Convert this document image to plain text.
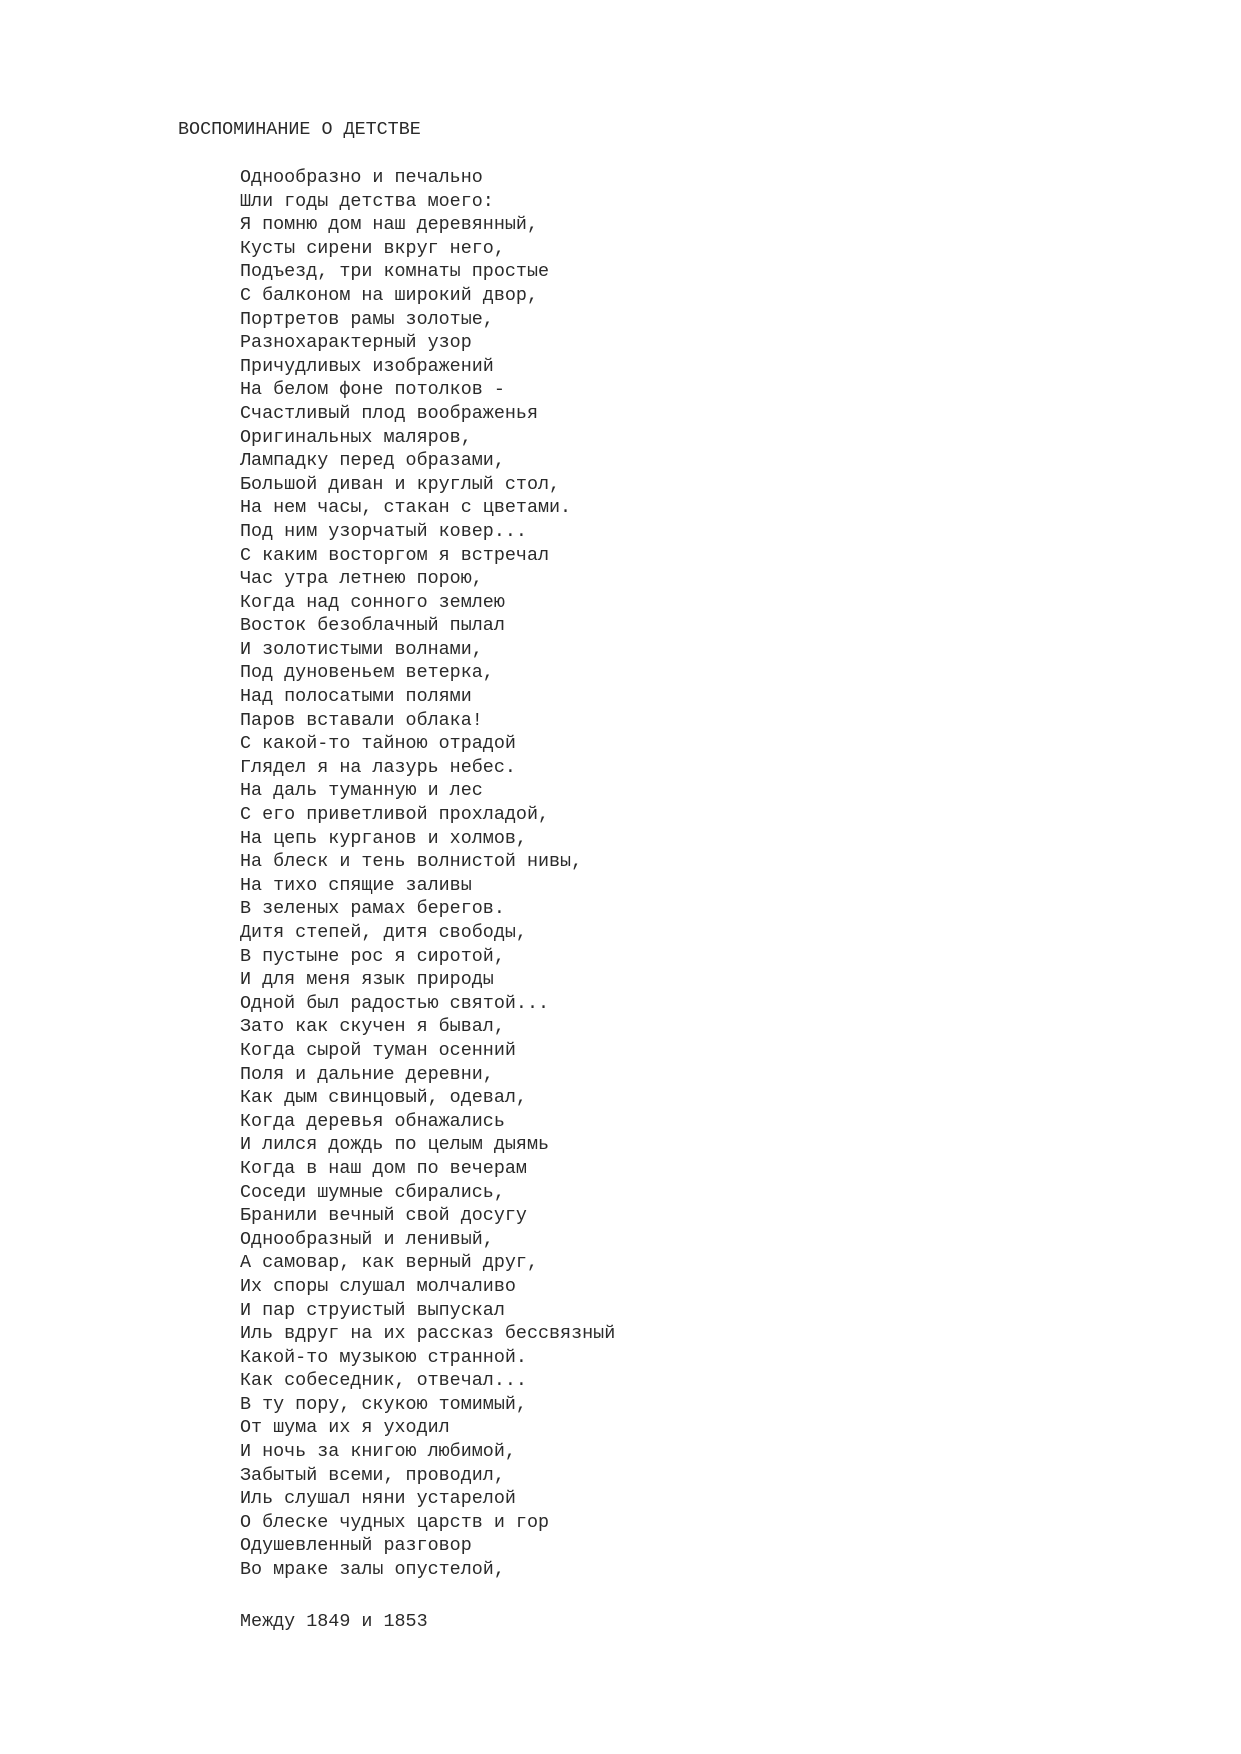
ВОСПОМИНАНИЕ О ДЕТСТВЕ
Однообразно и печально
Шли годы детства моего:
Я помню дом наш деревянный,
Кусты сирени вкруг него,
Подъезд, три комнаты простые
С балконом на широкий двор,
Портретов рамы золотые,
Разнохарактерный узор
Причудливых изображений
На белом фоне потолков -
Счастливый плод воображенья
Оригинальных маляров,
Лампадку перед образами,
Большой диван и круглый стол,
На нем часы, стакан с цветами.
Под ним узорчатый ковер...
С каким восторгом я встречал
Час утра летнею порою,
Когда над сонного землею
Восток безоблачный пылал
И золотистыми волнами,
Под дуновеньем ветерка,
Над полосатыми полями
Паров вставали облака!
С какой-то тайною отрадой
Глядел я на лазурь небес.
На даль туманную и лес
С его приветливой прохладой,
На цепь курганов и холмов,
На блеск и тень волнистой нивы,
На тихо спящие заливы
В зеленых рамах берегов.
Дитя степей, дитя свободы,
В пустыне рос я сиротой,
И для меня язык природы
Одной был радостью святой...
Зато как скучен я бывал,
Когда сырой туман осенний
Поля и дальние деревни,
Как дым свинцовый, одевал,
Когда деревья обнажались
И лился дождь по целым дыямь
Когда в наш дом по вечерам
Соседи шумные сбирались,
Бранили вечный свой досугу
Однообразный и ленивый,
А самовар, как верный друг,
Их споры слушал молчаливо
И пар струистый выпускал
Иль вдруг на их рассказ бессвязный
Какой-то музыкою странной.
Как собеседник, отвечал...
В ту пору, скукою томимый,
От шума их я уходил
И ночь за книгою любимой,
Забытый всеми, проводил,
Иль слушал няни устарелой
О блеске чудных царств и гор
Одушевленный разговор
Во мраке залы опустелой,
Между 1849 и 1853
